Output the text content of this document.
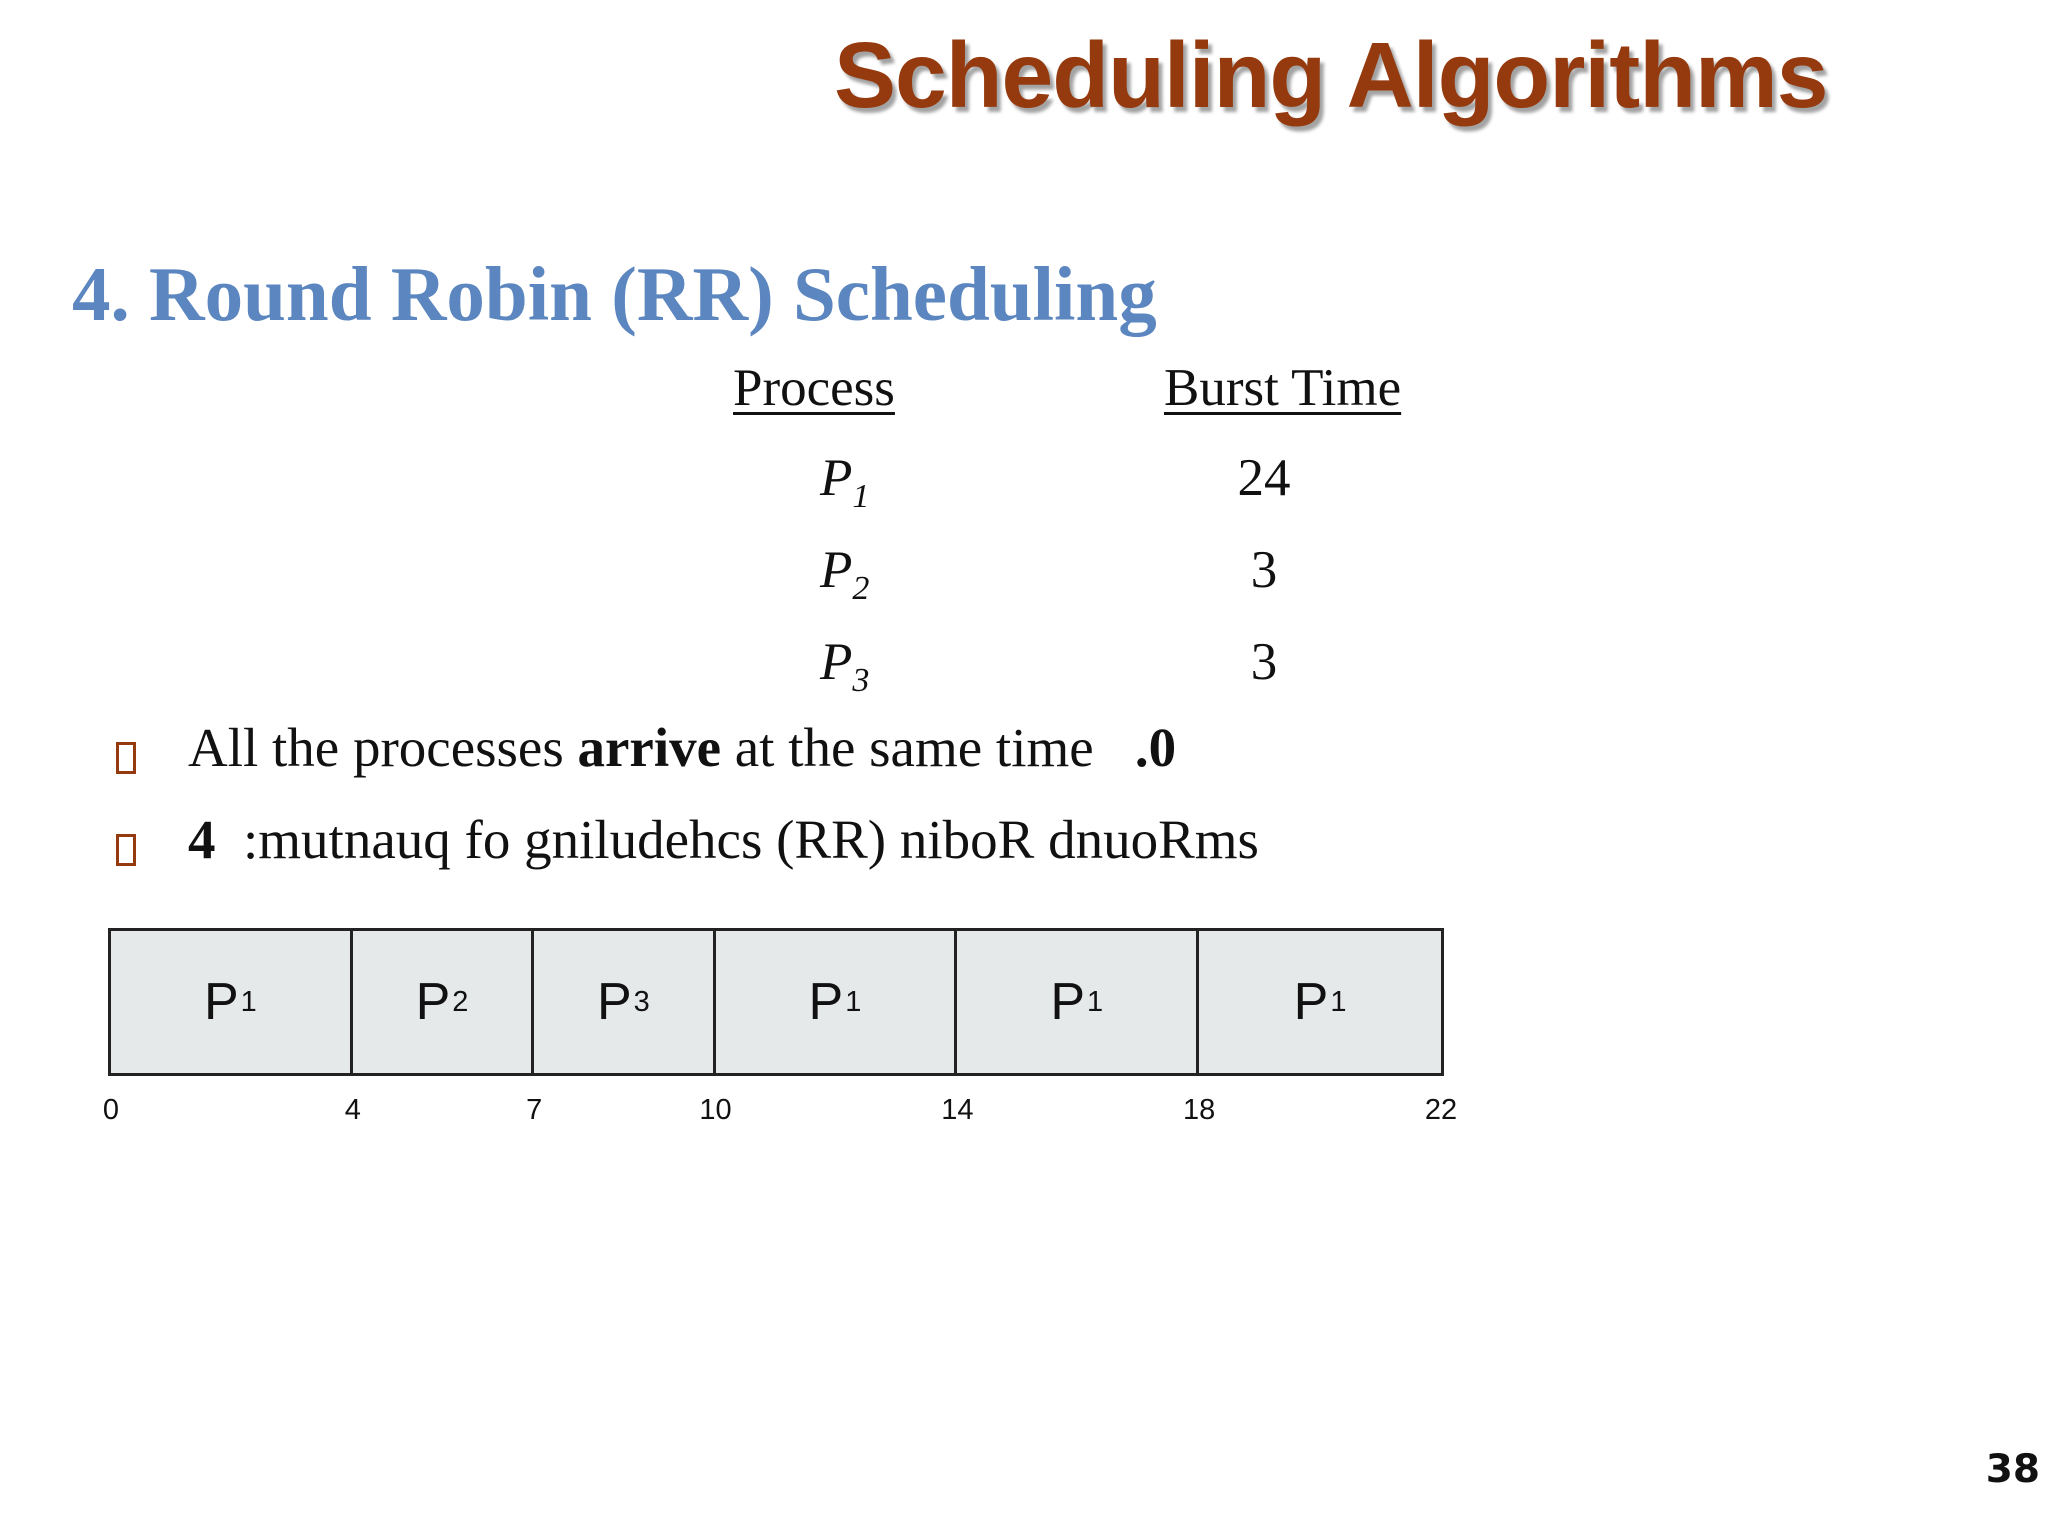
Scheduling Algorithms
4. Round Robin (RR) Scheduling
Process	Burst Time
$P_1$	24
$P_2$	3
$P_3$	3
All the processes arrive at the same time   .0
4  :mutnauq fo gniludehcs (RR) niboR dnuoRms
P 1	P 2 P 3	P 1	P 1	P 1
0	4	7	10	14	18	22
38
